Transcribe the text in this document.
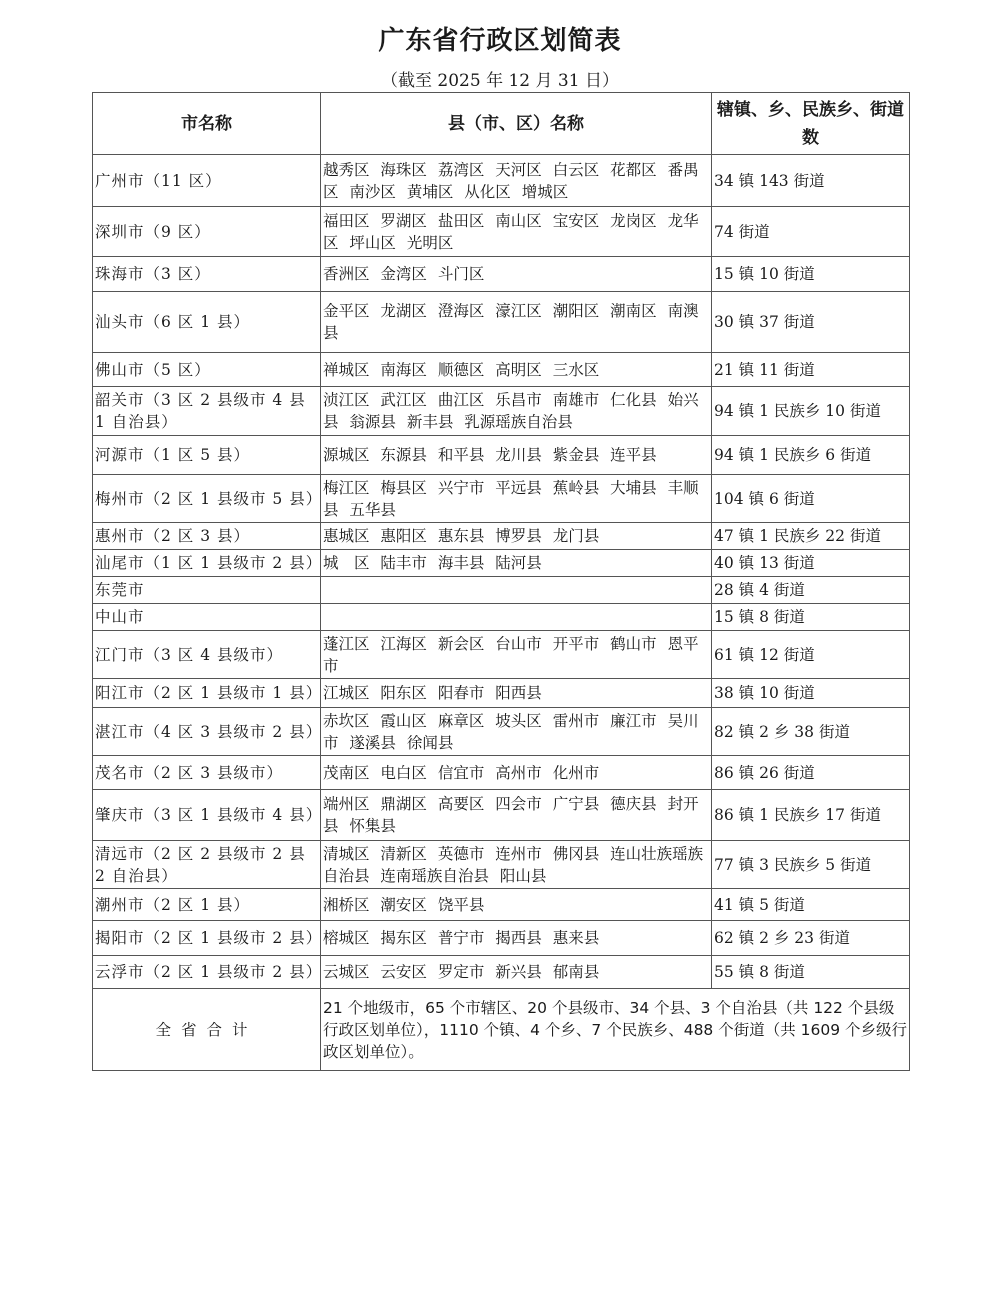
广东省行政区划简表
（截至 2025 年 12 月 31 日）
市名称	县（市、区）名称	辖镇、乡、民族乡、街道数
广州市（11 区）	越秀区 海珠区 荔湾区 天河区 白云区 花都区 番禺区 南沙区 黄埔区 从化区 增城区	34 镇 143 街道
深圳市（9 区）	福田区 罗湖区 盐田区 南山区 宝安区 龙岗区 龙华区 坪山区 光明区	74 街道
珠海市（3 区）	香洲区 金湾区 斗门区	15 镇 10 街道
汕头市（6 区 1 县）	金平区 龙湖区 澄海区 濠江区 潮阳区 潮南区 南澳县	30 镇 37 街道
佛山市（5 区）	禅城区 南海区 顺德区 高明区 三水区	21 镇 11 街道
韶关市（3 区 2 县级市 4 县 1 自治县）	浈江区 武江区 曲江区 乐昌市 南雄市 仁化县 始兴县 翁源县 新丰县 乳源瑶族自治县	94 镇 1 民族乡 10 街道
河源市（1 区 5 县）	源城区 东源县 和平县 龙川县 紫金县 连平县	94 镇 1 民族乡 6 街道
梅州市（2 区 1 县级市 5 县）	梅江区 梅县区 兴宁市 平远县 蕉岭县 大埔县 丰顺县 五华县	104 镇 6 街道
惠州市（2 区 3 县）	惠城区 惠阳区 惠东县 博罗县 龙门县	47 镇 1 民族乡 22 街道
汕尾市（1 区 1 县级市 2 县）	城　区 陆丰市 海丰县 陆河县	40 镇 13 街道
东莞市		28 镇 4 街道
中山市		15 镇 8 街道
江门市（3 区 4 县级市）	蓬江区 江海区 新会区 台山市 开平市 鹤山市 恩平市	61 镇 12 街道
阳江市（2 区 1 县级市 1 县）	江城区 阳东区 阳春市 阳西县	38 镇 10 街道
湛江市（4 区 3 县级市 2 县）	赤坎区 霞山区 麻章区 坡头区 雷州市 廉江市 吴川市 遂溪县 徐闻县	82 镇 2 乡 38 街道
茂名市（2 区 3 县级市）	茂南区 电白区 信宜市 高州市 化州市	86 镇 26 街道
肇庆市（3 区 1 县级市 4 县）	端州区 鼎湖区 高要区 四会市 广宁县 德庆县 封开县 怀集县	86 镇 1 民族乡 17 街道
清远市（2 区 2 县级市 2 县 2 自治县）	清城区 清新区 英德市 连州市 佛冈县 连山壮族瑶族自治县 连南瑶族自治县 阳山县	77 镇 3 民族乡 5 街道
潮州市（2 区 1 县）	湘桥区 潮安区 饶平县	41 镇 5 街道
揭阳市（2 区 1 县级市 2 县）	榕城区 揭东区 普宁市 揭西县 惠来县	62 镇 2 乡 23 街道
云浮市（2 区 1 县级市 2 县）	云城区 云安区 罗定市 新兴县 郁南县	55 镇 8 街道
全省合计	21 个地级市，65 个市辖区、20 个县级市、34 个县、3 个自治县（共 122 个县级行政区划单位），1110 个镇、4 个乡、7 个民族乡、488 个街道（共 1609 个乡级行政区划单位）。	
